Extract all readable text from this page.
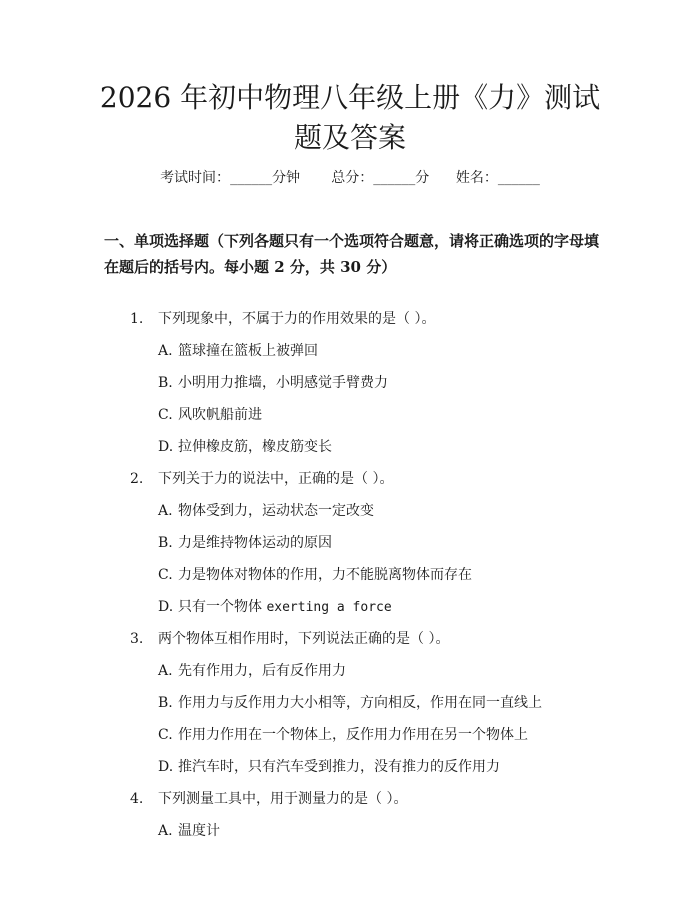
2026 年初中物理八年级上册《力》测试题及答案
考试时间：______分钟 总分：______分 姓名：______

一、单项选择题（下列各题只有一个选项符合题意，请将正确选项的字母填在题后的括号内。每小题 2 分，共 30 分）

1. 下列现象中，不属于力的作用效果的是（ ）。
A. 篮球撞在篮板上被弹回
B. 小明用力推墙，小明感觉手臂费力
C. 风吹帆船前进
D. 拉伸橡皮筋，橡皮筋变长
2. 下列关于力的说法中，正确的是（ ）。
A. 物体受到力，运动状态一定改变
B. 力是维持物体运动的原因
C. 力是物体对物体的作用，力不能脱离物体而存在
D. 只有一个物体 exerting a force
3. 两个物体互相作用时，下列说法正确的是（ ）。
A. 先有作用力，后有反作用力
B. 作用力与反作用力大小相等，方向相反，作用在同一直线上
C. 作用力作用在一个物体上，反作用力作用在另一个物体上
D. 推汽车时，只有汽车受到推力，没有推力的反作用力
4. 下列测量工具中，用于测量力的是（ ）。
A. 温度计
